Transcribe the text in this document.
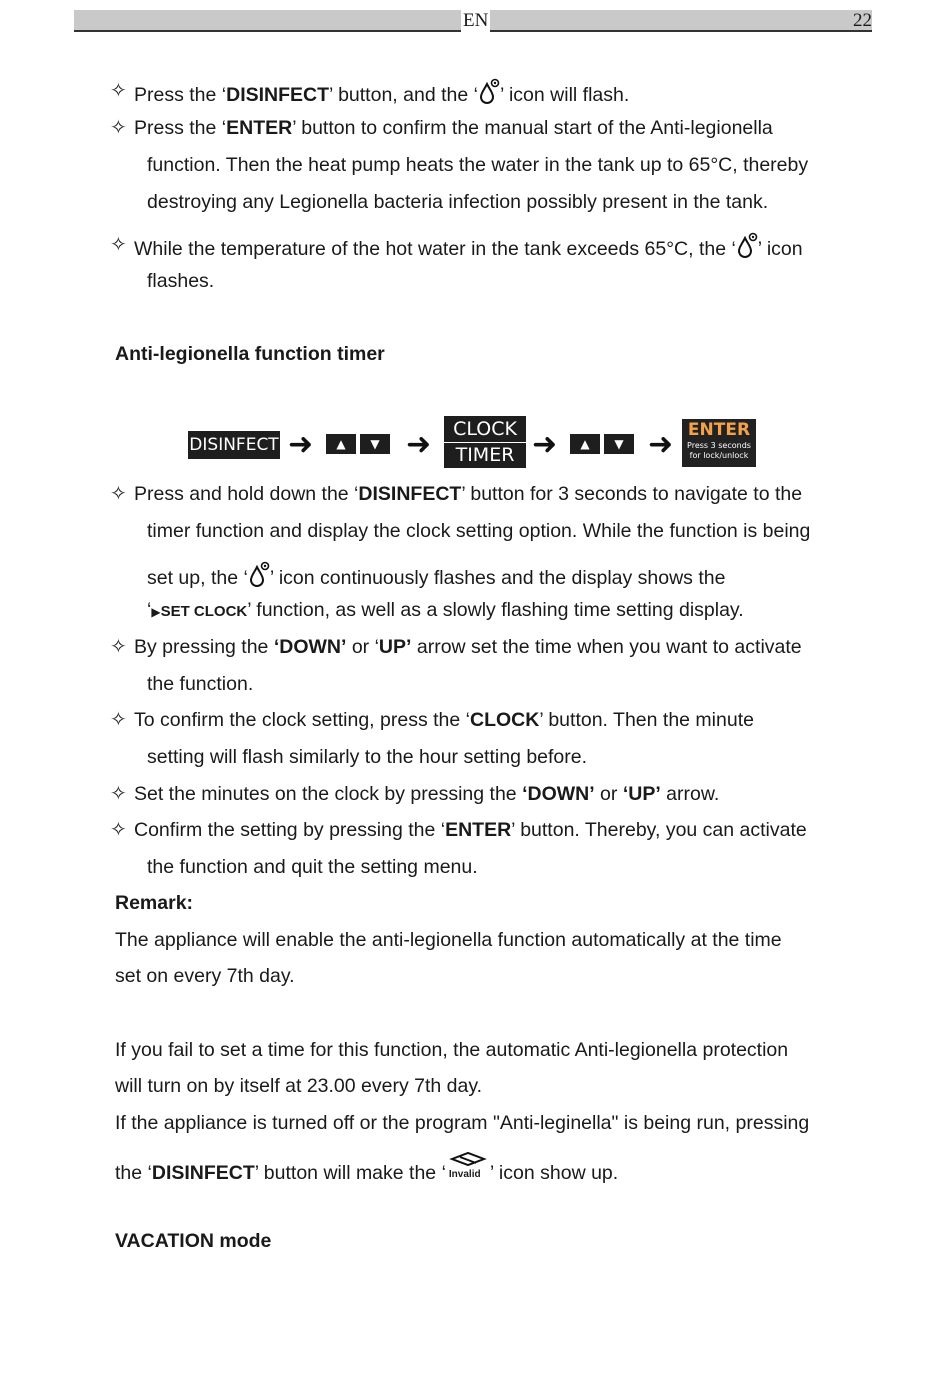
EN	22
✧ Press the ‘DISINFECT’ button, and the ‘ ’ icon will flash.
✧ Press the ‘ENTER’ button to confirm the manual start of the Anti-legionella
function. Then the heat pump heats the water in the tank up to 65°C, thereby
destroying any Legionella bacteria infection possibly present in the tank.
✧ While the temperature of the hot water in the tank exceeds 65°C, the ‘ ’ icon
flashes.
Anti-legionella function timer
DISINFECT ➜	▲	▼ ➜	CLOCK
TIMER ➜	▲	▼ ➜ ENTER
Press 3 seconds
for lock/unlock
✧ Press and hold down the ‘DISINFECT’ button for 3 seconds to navigate to the
timer function and display the clock setting option. While the function is being
set up, the ‘ ’ icon continuously flashes and the display shows the
‘▶SET CLOCK’ function, as well as a slowly flashing time setting display.
✧ By pressing the ‘DOWN’ or ‘UP’ arrow set the time when you want to activate
the function.
✧ To confirm the clock setting, press the ‘CLOCK’ button. Then the minute
setting will flash similarly to the hour setting before.
✧ Set the minutes on the clock by pressing the ‘DOWN’ or ‘UP’ arrow.
✧ Confirm the setting by pressing the ‘ENTER’ button. Thereby, you can activate
the function and quit the setting menu.
Remark:
The appliance will enable the anti-legionella function automatically at the time
set on every 7th day.
If you fail to set a time for this function, the automatic Anti-legionella protection
will turn on by itself at 23.00 every 7th day.
If the appliance is turned off or the program "Anti-leginella" is being run, pressing
the ‘DISINFECT’ button will make the ‘ Invalid ’ icon show up.
VACATION mode
